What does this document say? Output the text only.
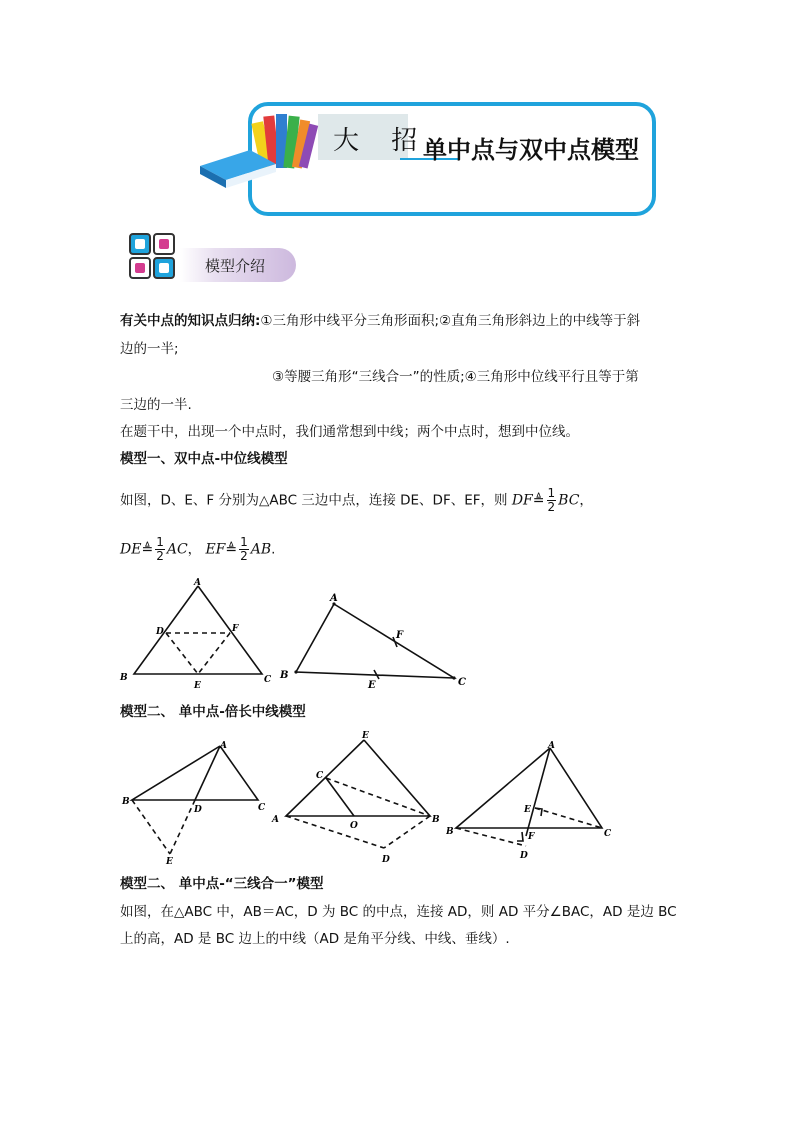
大 招
单中点与双中点模型
模型介绍
有关中点的知识点归纳:①三角形中线平分三角形面积;②直角三角形斜边上的中线等于斜
边的一半;
③等腰三角形“三线合一”的性质;④三角形中位线平行且等于第
三边的一半.
在题干中，出现一个中点时，我们通常想到中线；两个中点时，想到中位线。
模型一、双中点-中位线模型
如图，D、E、F 分别为△ABC 三边中点，连接 DE、DF、EF，则 DF≜ $\frac{1}{2}$ BC，
DE≜ $\frac{1}{2}$ AC， EF≜ $\frac{1}{2}$ AB.
A
D	F
B
E
C
A
F
B
E	C
模型二、 单中点-倍长中线模型
A
B
D	C
E
E
C
A
O
B
D
A
E
B	F	C
D
模型二、 单中点-“三线合一”模型
如图，在△ABC 中，AB＝AC，D 为 BC 的中点，连接 AD，则 AD 平分∠BAC，AD 是边 BC
上的高，AD 是 BC 边上的中线（AD 是角平分线、中线、垂线）.
